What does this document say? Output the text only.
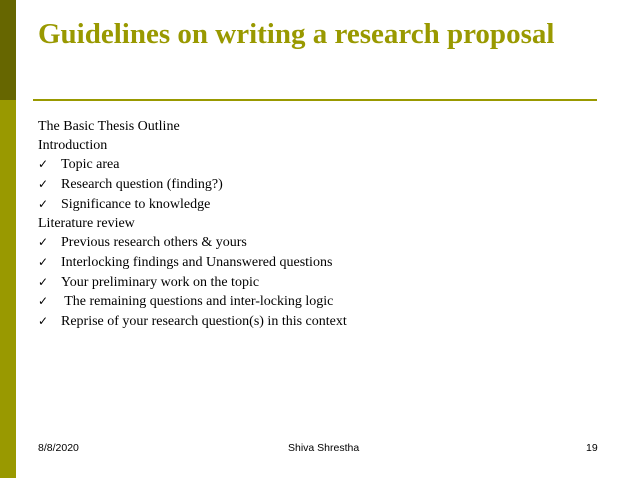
Guidelines on writing a research proposal
The Basic Thesis Outline
Introduction
✓ Topic area
✓ Research question (finding?)
✓ Significance to knowledge
Literature review
✓ Previous research others & yours
✓ Interlocking findings and Unanswered questions
✓ Your preliminary work on the topic
✓ The remaining questions and inter-locking logic
✓ Reprise of your research question(s) in this context
8/8/2020	Shiva Shrestha	19
